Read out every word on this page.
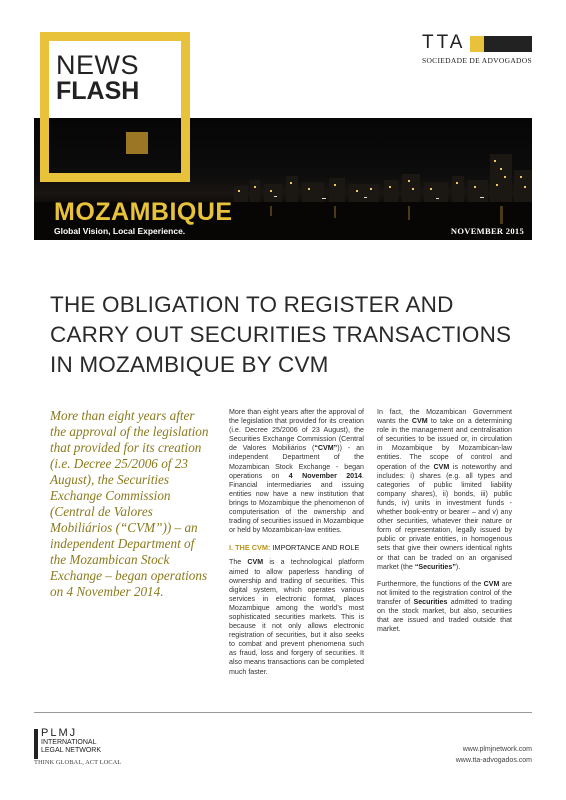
NEWS
FLASH
TTA
SOCIEDADE DE ADVOGADOS
MOZAMBIQUE
Global Vision, Local Experience.	NOVEMBER 2015
THE OBLIGATION TO REGISTER AND
CARRY OUT SECURITIES TRANSACTIONS
IN MOZAMBIQUE BY CVM
More than eight years after the approval of the legislation that provided for its creation (i.e. Decree 25/2006 of 23 August), the Securities Exchange Commission (Central de Valores Mobiliários (“CVM”)) – an independent Department of the Mozambican Stock Exchange – began operations on 4 November 2014.

More than eight years after the approval of the legislation that provided for its creation (i.e. Decree 25/2006 of 23 August), the Securities Exchange Commission (Central de Valores Mobiliários (“CVM”)) - an independent Department of the Mozambican Stock Exchange - began operations on 4 November 2014. Financial intermediaries and issuing entities now have a new institution that brings to Mozambique the phenomenon of computerisation of the ownership and trading of securities issued in Mozambique or held by Mozambican-law entities.

I. THE CVM: IMPORTANCE AND ROLE

The CVM is a technological platform aimed to allow paperless handling of ownership and trading of securities. This digital system, which operates various services in electronic format, places Mozambique among the world’s most sophisticated securities markets. This is because it not only allows electronic registration of securities, but it also seeks to combat and prevent phenomena such as fraud, loss and forgery of securities. It also means transactions can be completed much faster.

In fact, the Mozambican Government wants the CVM to take on a determining role in the management and centralisation of securities to be issued or, in circulation in Mozambique by Mozambican-law entities. The scope of control and operation of the CVM is noteworthy and includes: i) shares (e.g. all types and categories of public limited liability company shares), ii) bonds, iii) public funds, iv) units in investment funds - whether book-entry or bearer – and v) any other securities, whatever their nature or form of representation, legally issued by public or private entities, in homogenous sets that give their owners identical rights or that can be traded on an organised market (the “Securities”).

Furthermore, the functions of the CVM are not limited to the registration control of the transfer of Securities admitted to trading on the stock market, but also, securities that are issued and traded outside that market.

PLMJ
INTERNATIONAL
LEGAL NETWORK
THINK GLOBAL, ACT LOCAL
www.plmjnetwork.com
www.tta-advogados.com
